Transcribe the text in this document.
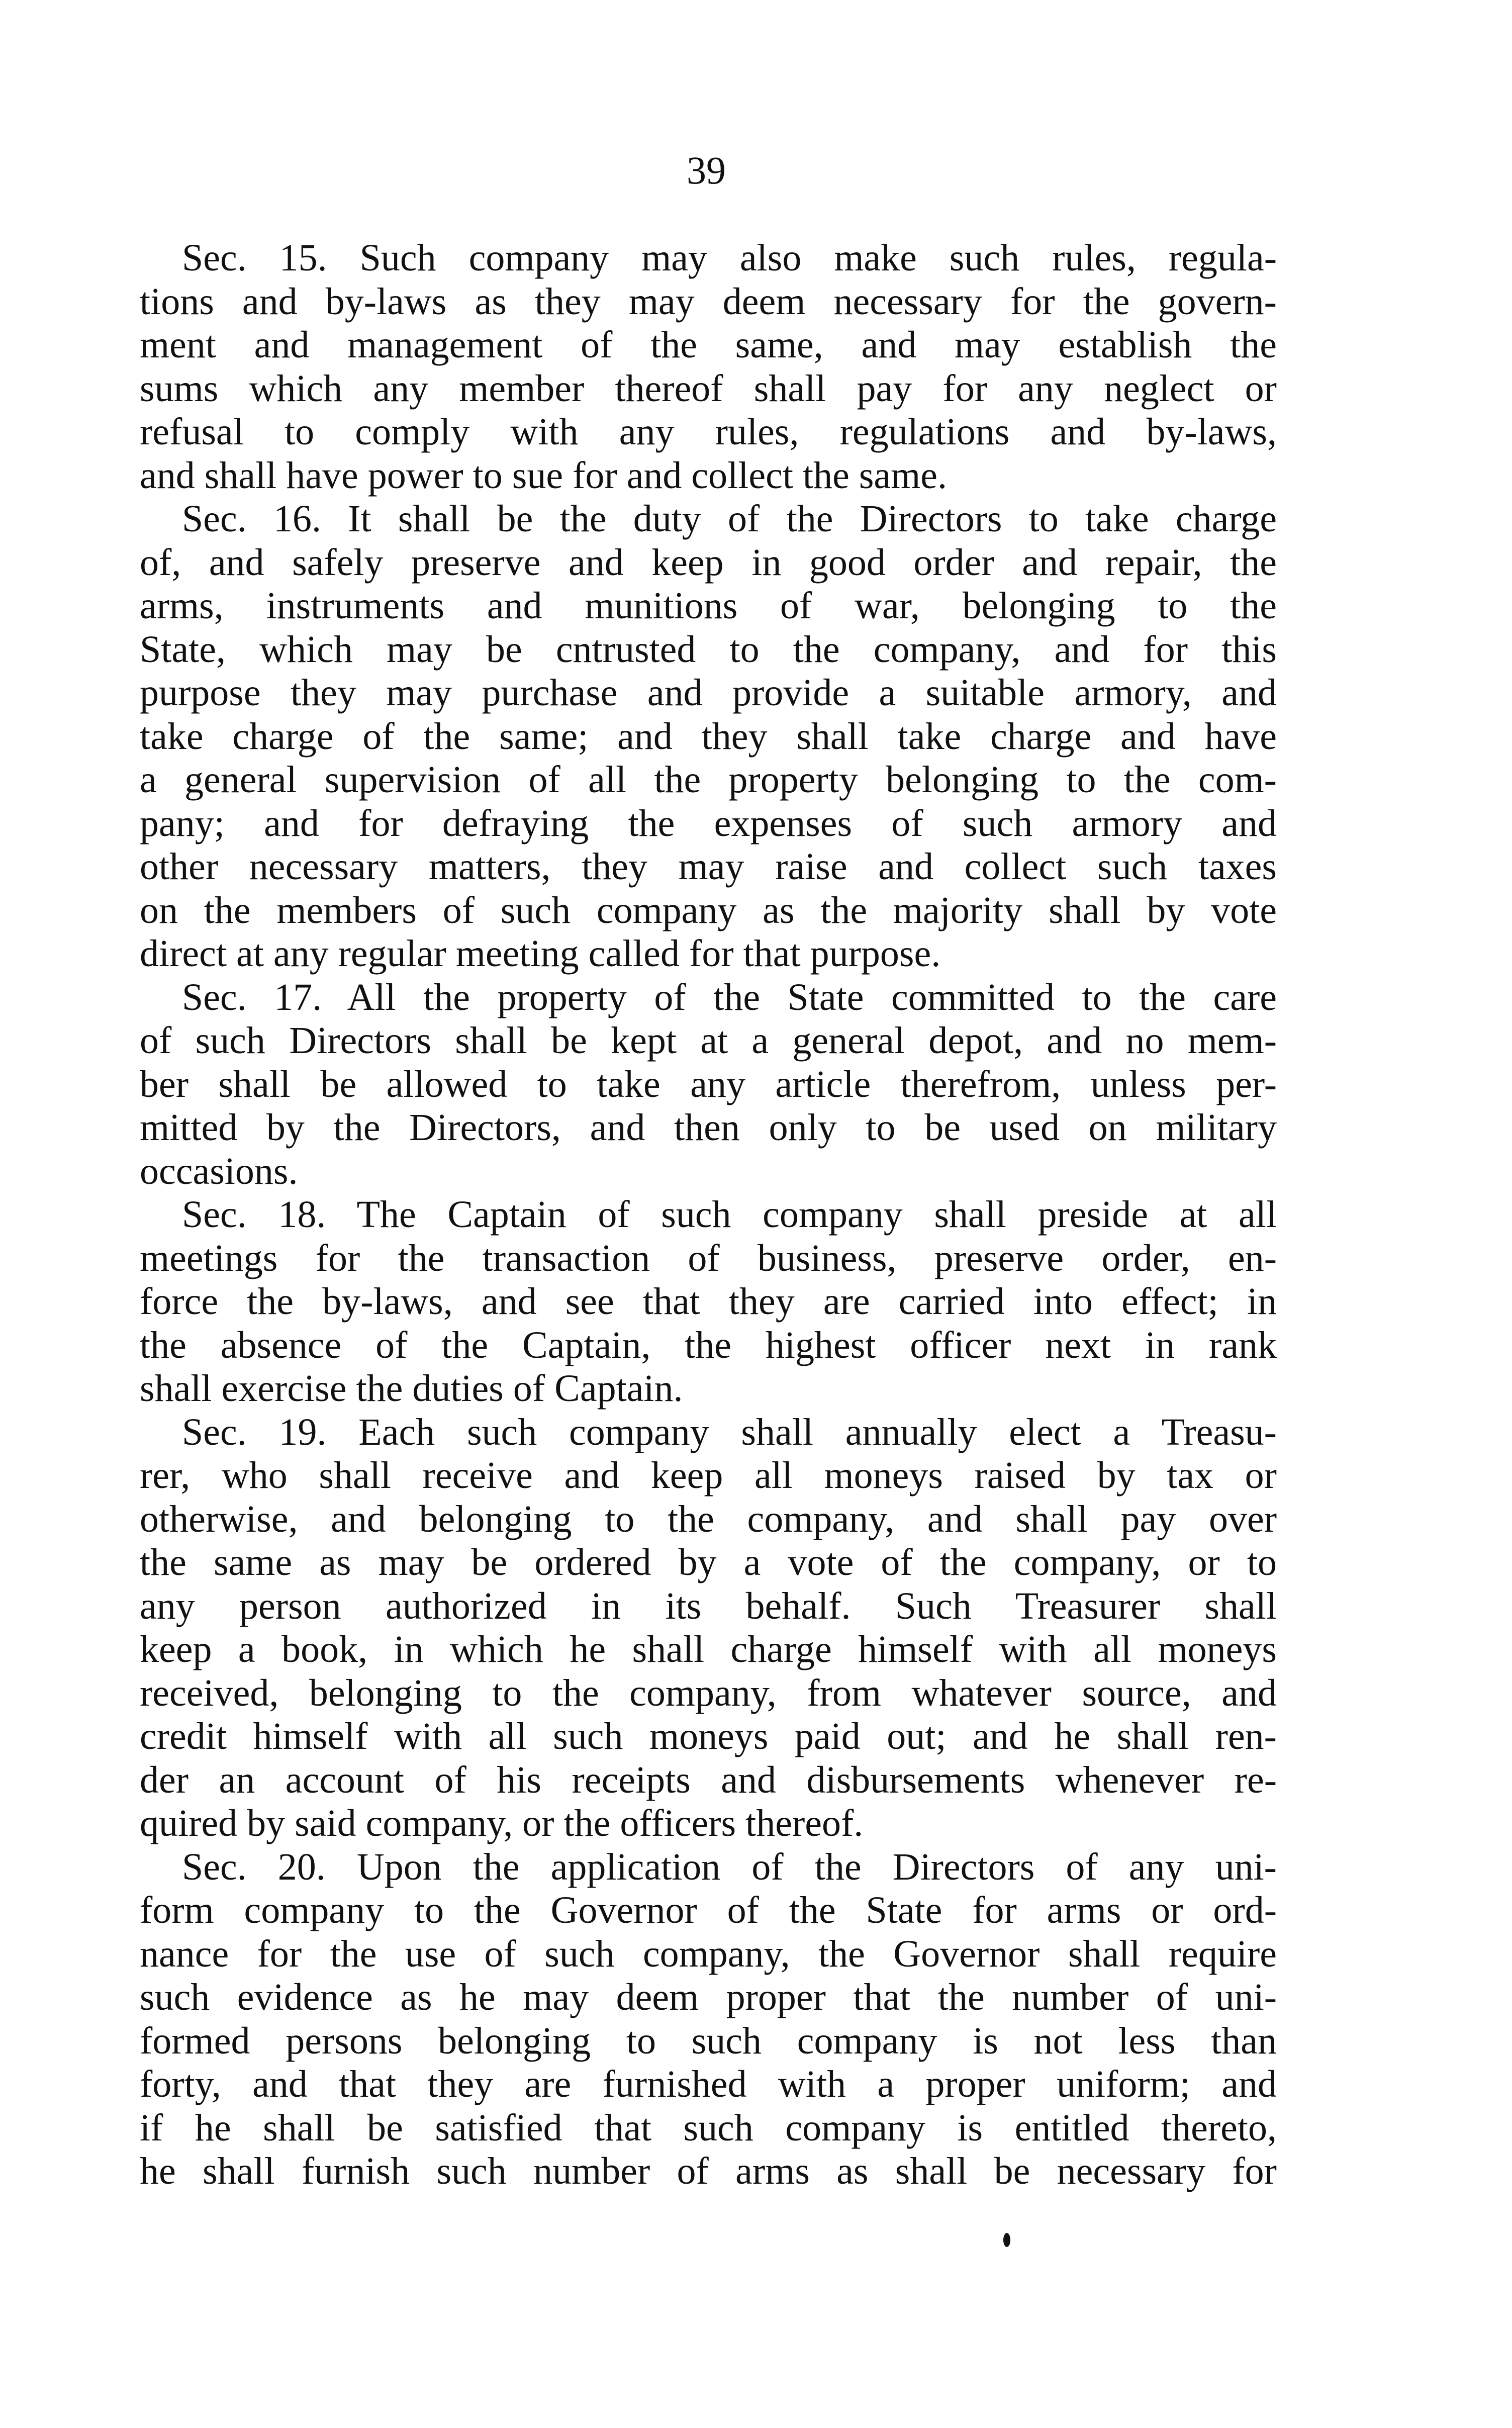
39
Sec. 15. Such company may also make such rules, regula-
tions and by-laws as they may deem necessary for the govern-
ment and management of the same, and may establish the
sums which any member thereof shall pay for any neglect or
refusal to comply with any rules, regulations and by-laws,
and shall have power to sue for and collect the same.
Sec. 16. It shall be the duty of the Directors to take charge
of, and safely preserve and keep in good order and repair, the
arms, instruments and munitions of war, belonging to the
State, which may be cntrusted to the company, and for this
purpose they may purchase and provide a suitable armory, and
take charge of the same; and they shall take charge and have
a general supervision of all the property belonging to the com-
pany; and for defraying the expenses of such armory and
other necessary matters, they may raise and collect such taxes
on the members of such company as the majority shall by vote
direct at any regular meeting called for that purpose.
Sec. 17. All the property of the State committed to the care
of such Directors shall be kept at a general depot, and no mem-
ber shall be allowed to take any article therefrom, unless per-
mitted by the Directors, and then only to be used on military
occasions.
Sec. 18. The Captain of such company shall preside at all
meetings for the transaction of business, preserve order, en-
force the by-laws, and see that they are carried into effect; in
the absence of the Captain, the highest officer next in rank
shall exercise the duties of Captain.
Sec. 19. Each such company shall annually elect a Treasu-
rer, who shall receive and keep all moneys raised by tax or
otherwise, and belonging to the company, and shall pay over
the same as may be ordered by a vote of the company, or to
any person authorized in its behalf. Such Treasurer shall
keep a book, in which he shall charge himself with all moneys
received, belonging to the company, from whatever source, and
credit himself with all such moneys paid out; and he shall ren-
der an account of his receipts and disbursements whenever re-
quired by said company, or the officers thereof.
Sec. 20. Upon the application of the Directors of any uni-
form company to the Governor of the State for arms or ord-
nance for the use of such company, the Governor shall require
such evidence as he may deem proper that the number of uni-
formed persons belonging to such company is not less than
forty, and that they are furnished with a proper uniform; and
if he shall be satisfied that such company is entitled thereto,
he shall furnish such number of arms as shall be necessary for
